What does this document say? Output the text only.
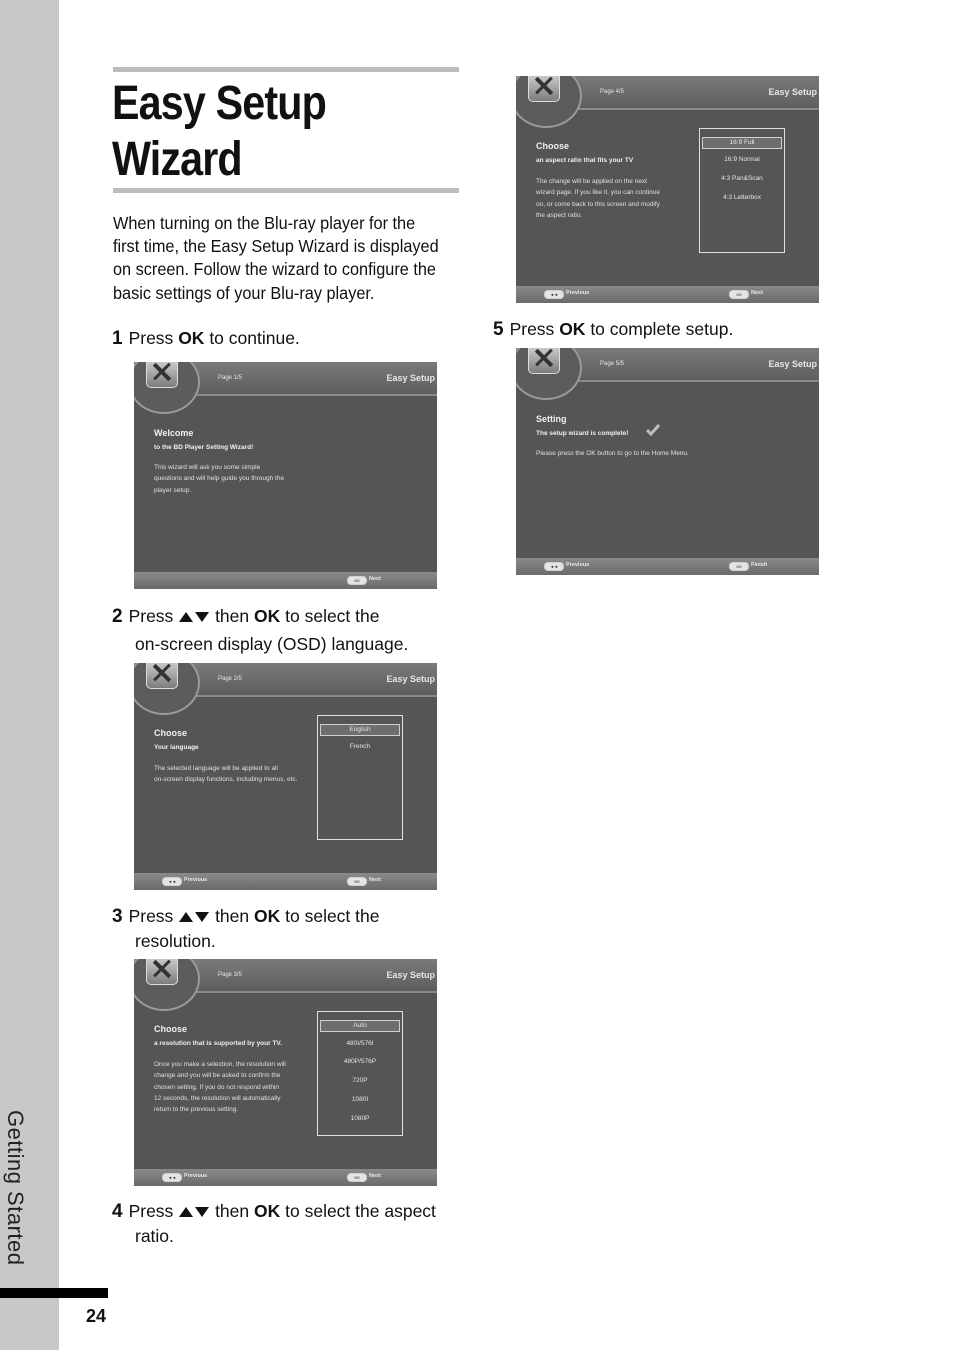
Getting Started
24
Easy Setup
Wizard
When turning on the Blu-ray player for the
first time, the Easy Setup Wizard is displayed
on screen. Follow the wizard to configure the
basic settings of your Blu-ray player.
1 Press OK to continue.
2 Press then OK to select the
on-screen display (OSD) language.
3 Press then OK to select the
resolution.
4 Press then OK to select the aspect
ratio.
5 Press OK to complete setup.
Page 1/5	Easy Setup
Welcome
to the BD Player Setting Wizard!
This wizard will ask you some simple
questions and will help guide you through the
player setup.
OK	Next
Page 2/5	Easy Setup
Choose
Your language
The selected language will be applied to all
on-screen display functions, including menus, etc.
English
French
◄◄	Previous	OK	Next
Page 3/5	Easy Setup
Choose
a resolution that is supported by your TV.
Once you make a selection, the resolution will
change and you will be asked to confirm the
chosen setting. If you do not respond within
12 seconds, the resolution will automatically
return to the previous setting.
Auto
480I/576I
480P/576P
720P
1080I
1080P
◄◄	Previous	OK	Next
Page 4/5	Easy Setup
Choose
an aspect ratio that fits your TV
The change will be applied on the next
wizard page. If you like it, you can continue
on, or come back to this screen and modify
the aspect ratio.
16:9 Full
16:9 Normal
4:3 Pan&Scan
4:3 Letterbox
◄◄	Previous	OK	Next
Page 5/5	Easy Setup
Setting
The setup wizard is complete!
Please press the OK button to go to the Home Menu.
◄◄	Previous	OK	Finish
